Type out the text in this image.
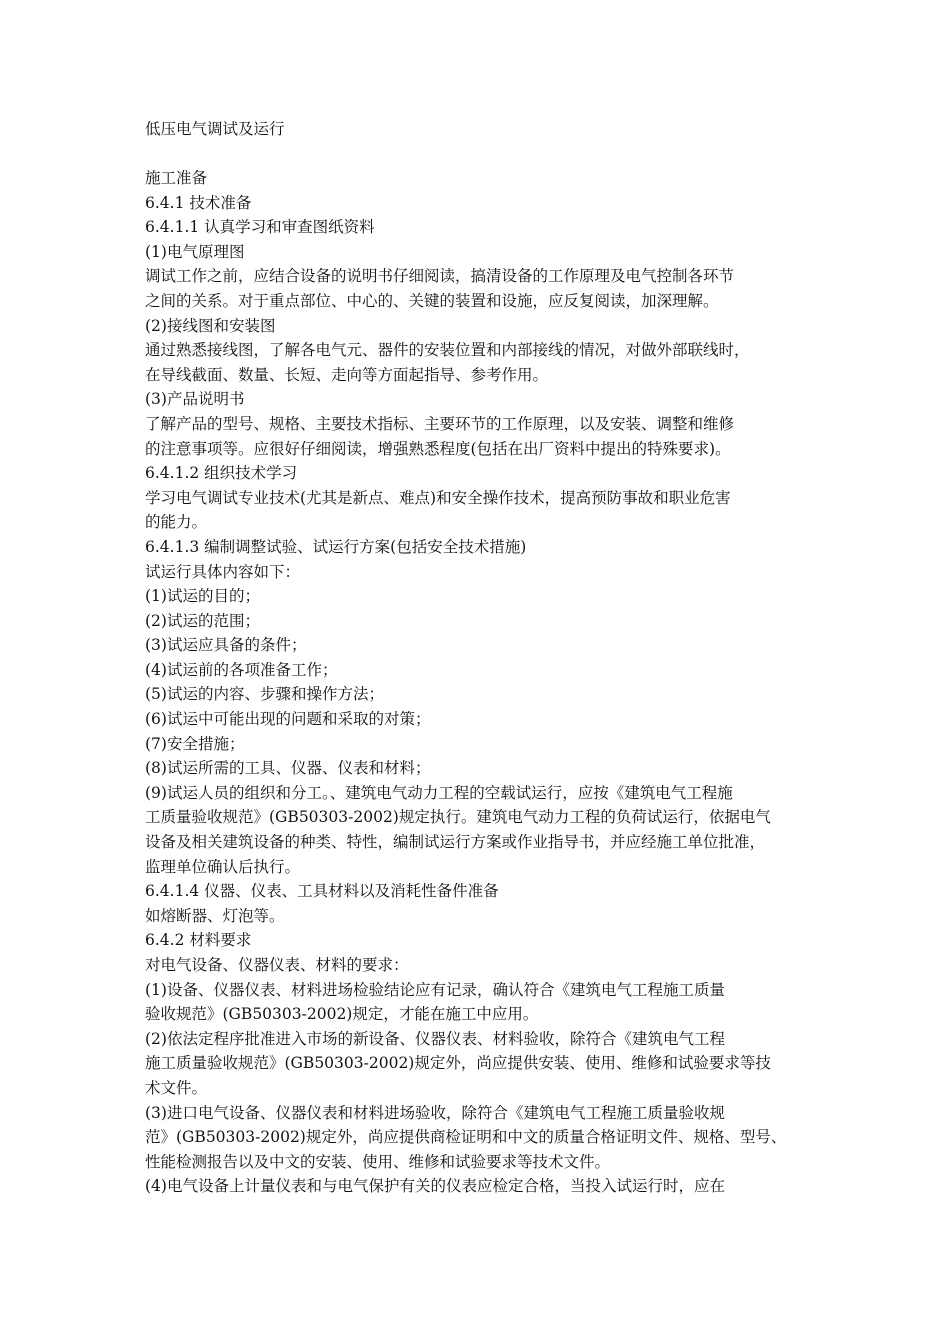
低压电气调试及运行
施工准备
6.4.1 技术准备
6.4.1.1 认真学习和审查图纸资料
(1)电气原理图
调试工作之前，应结合设备的说明书仔细阅读，搞清设备的工作原理及电气控制各环节
之间的关系。对于重点部位、中心的、关键的装置和设施，应反复阅读，加深理解。
(2)接线图和安装图
通过熟悉接线图，了解各电气元、器件的安装位置和内部接线的情况，对做外部联线时，
在导线截面、数量、长短、走向等方面起指导、参考作用。
(3)产品说明书
了解产品的型号、规格、主要技术指标、主要环节的工作原理，以及安装、调整和维修
的注意事项等。应很好仔细阅读，增强熟悉程度(包括在出厂资料中提出的特殊要求)。
6.4.1.2 组织技术学习
学习电气调试专业技术(尤其是新点、难点)和安全操作技术，提高预防事故和职业危害
的能力。
6.4.1.3 编制调整试验、试运行方案(包括安全技术措施)
试运行具体内容如下：
(1)试运的目的；
(2)试运的范围；
(3)试运应具备的条件；
(4)试运前的各项准备工作；
(5)试运的内容、步骤和操作方法；
(6)试运中可能出现的问题和采取的对策；
(7)安全措施；
(8)试运所需的工具、仪器、仪表和材料；
(9)试运人员的组织和分工。、建筑电气动力工程的空载试运行，应按《建筑电气工程施
工质量验收规范》(GB50303-2002)规定执行。建筑电气动力工程的负荷试运行，依据电气
设备及相关建筑设备的种类、特性，编制试运行方案或作业指导书，并应经施工单位批准，
监理单位确认后执行。
6.4.1.4 仪器、仪表、工具材料以及消耗性备件准备
如熔断器、灯泡等。
6.4.2 材料要求
对电气设备、仪器仪表、材料的要求：
(1)设备、仪器仪表、材料进场检验结论应有记录，确认符合《建筑电气工程施工质量
验收规范》(GB50303-2002)规定，才能在施工中应用。
(2)依法定程序批准进入市场的新设备、仪器仪表、材料验收，除符合《建筑电气工程
施工质量验收规范》(GB50303-2002)规定外，尚应提供安装、使用、维修和试验要求等技
术文件。
(3)进口电气设备、仪器仪表和材料进场验收，除符合《建筑电气工程施工质量验收规
范》(GB50303-2002)规定外，尚应提供商检证明和中文的质量合格证明文件、规格、型号、
性能检测报告以及中文的安装、使用、维修和试验要求等技术文件。
(4)电气设备上计量仪表和与电气保护有关的仪表应检定合格，当投入试运行时，应在
